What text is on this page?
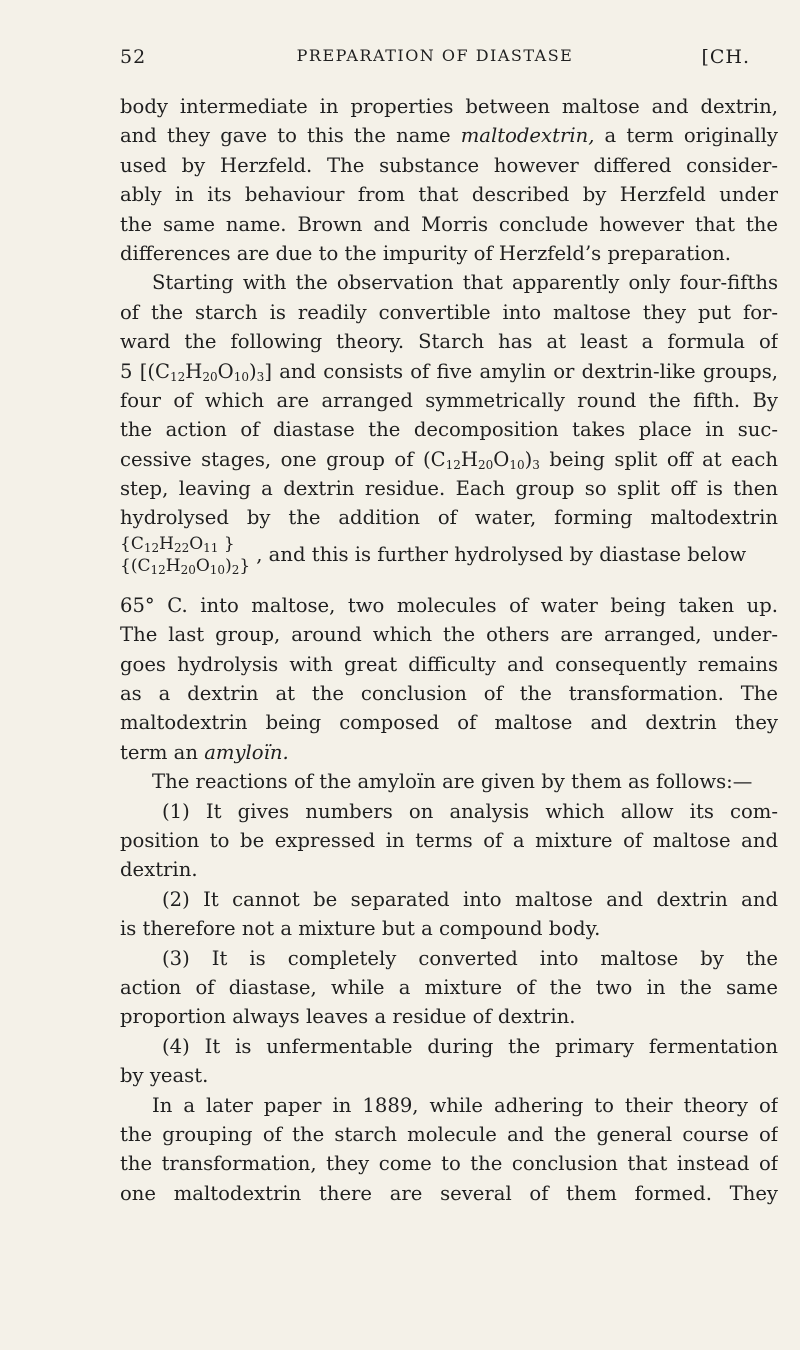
52	PREPARATION OF DIASTASE	[CH.
body intermediate in properties between maltose and dextrin,
and they gave to this the name maltodextrin, a term originally
used by Herzfeld. The substance however differed consider-
ably in its behaviour from that described by Herzfeld under
the same name. Brown and Morris conclude however that the
differences are due to the impurity of Herzfeld’s preparation.
Starting with the observation that apparently only four-fifths
of the starch is readily convertible into maltose they put for-
ward the following theory. Starch has at least a formula of
5 $[(C_{12}H_{20}O_{10})_3]$ and consists of five amylin or dextrin-like groups,
four of which are arranged symmetrically round the fifth. By
the action of diastase the decomposition takes place in suc-
cessive stages, one group of $(C_{12}H_{20}O_{10})_3$ being split off at each
step, leaving a dextrin residue. Each group so split off is then
hydrolysed by the addition of water, forming maltodextrin
{$C_{12}H_{22}O_{11}$ }
$\{(C_{12}H_{20}O_{10})_2\}$ , and this is further hydrolysed by diastase below
65° C. into maltose, two molecules of water being taken up.
The last group, around which the others are arranged, under-
goes hydrolysis with great difficulty and consequently remains
as a dextrin at the conclusion of the transformation. The
maltodextrin being composed of maltose and dextrin they
term an amyloïn.
The reactions of the amyloïn are given by them as follows:—
(1) It gives numbers on analysis which allow its com-
position to be expressed in terms of a mixture of maltose and
dextrin.
(2) It cannot be separated into maltose and dextrin and
is therefore not a mixture but a compound body.
(3) It is completely converted into maltose by the
action of diastase, while a mixture of the two in the same
proportion always leaves a residue of dextrin.
(4) It is unfermentable during the primary fermentation
by yeast.
In a later paper in 1889, while adhering to their theory of
the grouping of the starch molecule and the general course of
the transformation, they come to the conclusion that instead of
one maltodextrin there are several of them formed. They
